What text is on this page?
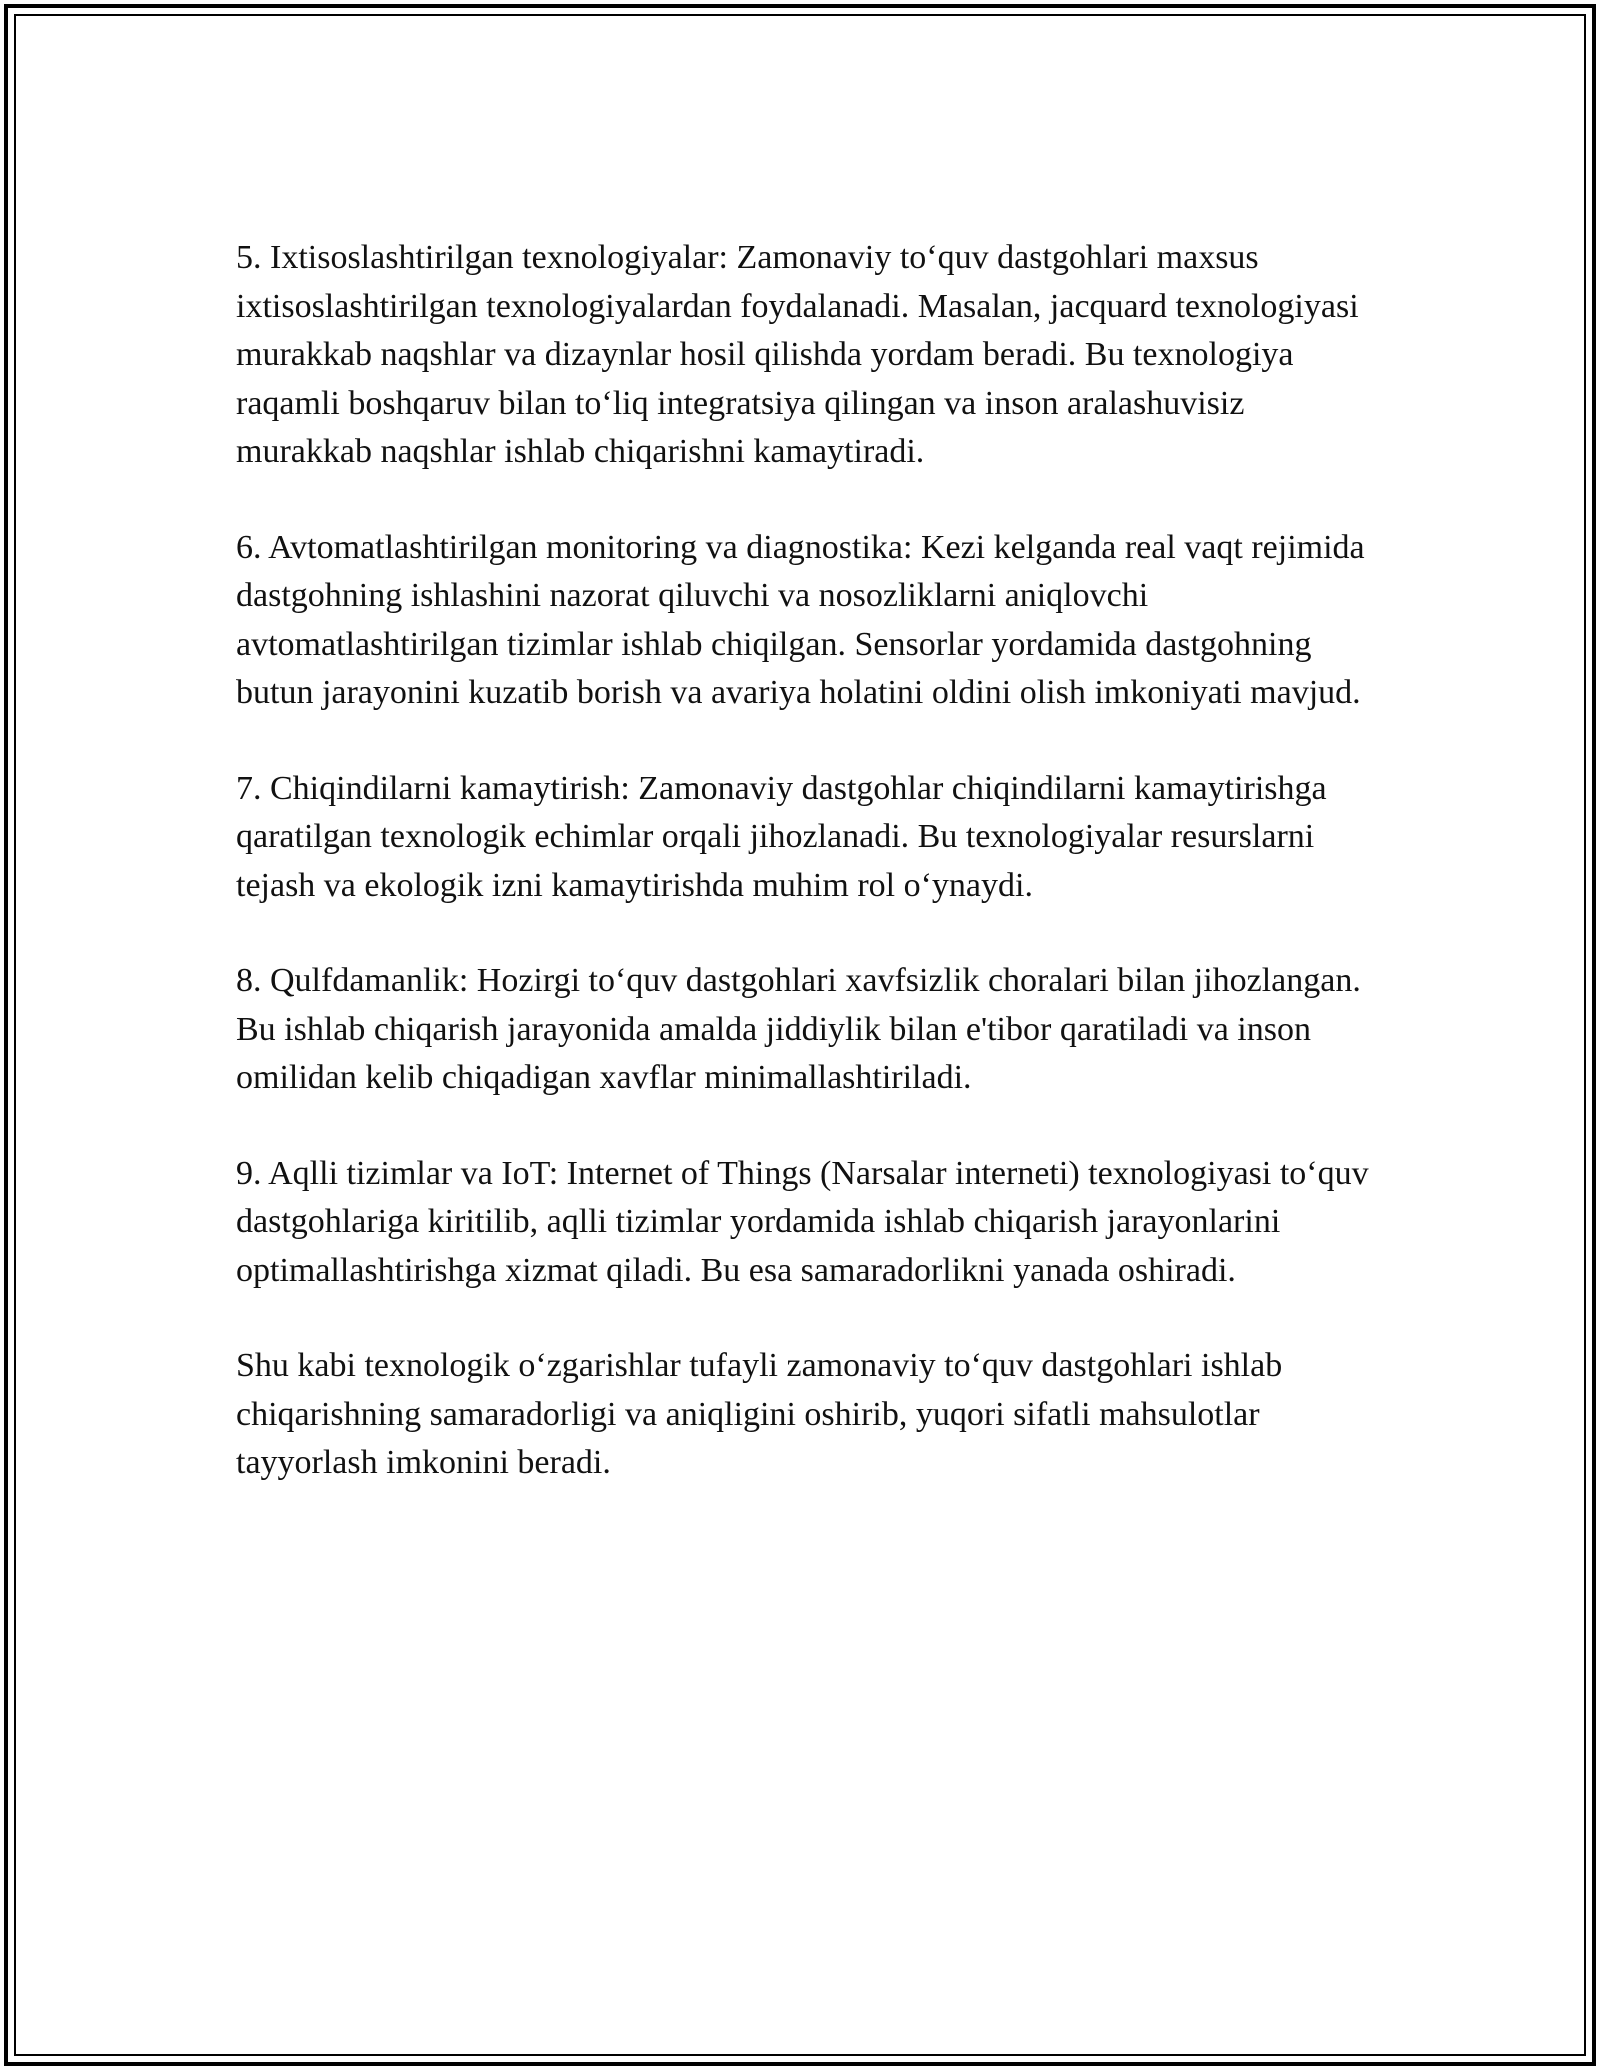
5. Ixtisoslashtirilgan texnologiyalar: Zamonaviy to‘quv dastgohlari maxsus ixtisoslashtirilgan texnologiyalardan foydalanadi. Masalan, jacquard texnologiyasi murakkab naqshlar va dizaynlar hosil qilishda yordam beradi. Bu texnologiya raqamli boshqaruv bilan to‘liq integratsiya qilingan va inson aralashuvisiz murakkab naqshlar ishlab chiqarishni kamaytiradi.

6. Avtomatlashtirilgan monitoring va diagnostika: Kezi kelganda real vaqt rejimida dastgohning ishlashini nazorat qiluvchi va nosozliklarni aniqlovchi avtomatlashtirilgan tizimlar ishlab chiqilgan. Sensorlar yordamida dastgohning butun jarayonini kuzatib borish va avariya holatini oldini olish imkoniyati mavjud.

7. Chiqindilarni kamaytirish: Zamonaviy dastgohlar chiqindilarni kamaytirishga qaratilgan texnologik echimlar orqali jihozlanadi. Bu texnologiyalar resurslarni tejash va ekologik izni kamaytirishda muhim rol o‘ynaydi.

8. Qulfdamanlik: Hozirgi to‘quv dastgohlari xavfsizlik choralari bilan jihozlangan. Bu ishlab chiqarish jarayonida amalda jiddiylik bilan e'tibor qaratiladi va inson omilidan kelib chiqadigan xavflar minimallashtiriladi.

9. Aqlli tizimlar va IoT: Internet of Things (Narsalar interneti) texnologiyasi to‘quv dastgohlariga kiritilib, aqlli tizimlar yordamida ishlab chiqarish jarayonlarini optimallashtirishga xizmat qiladi. Bu esa samaradorlikni yanada oshiradi.

Shu kabi texnologik o‘zgarishlar tufayli zamonaviy to‘quv dastgohlari ishlab chiqarishning samaradorligi va aniqligini oshirib, yuqori sifatli mahsulotlar tayyorlash imkonini beradi.
